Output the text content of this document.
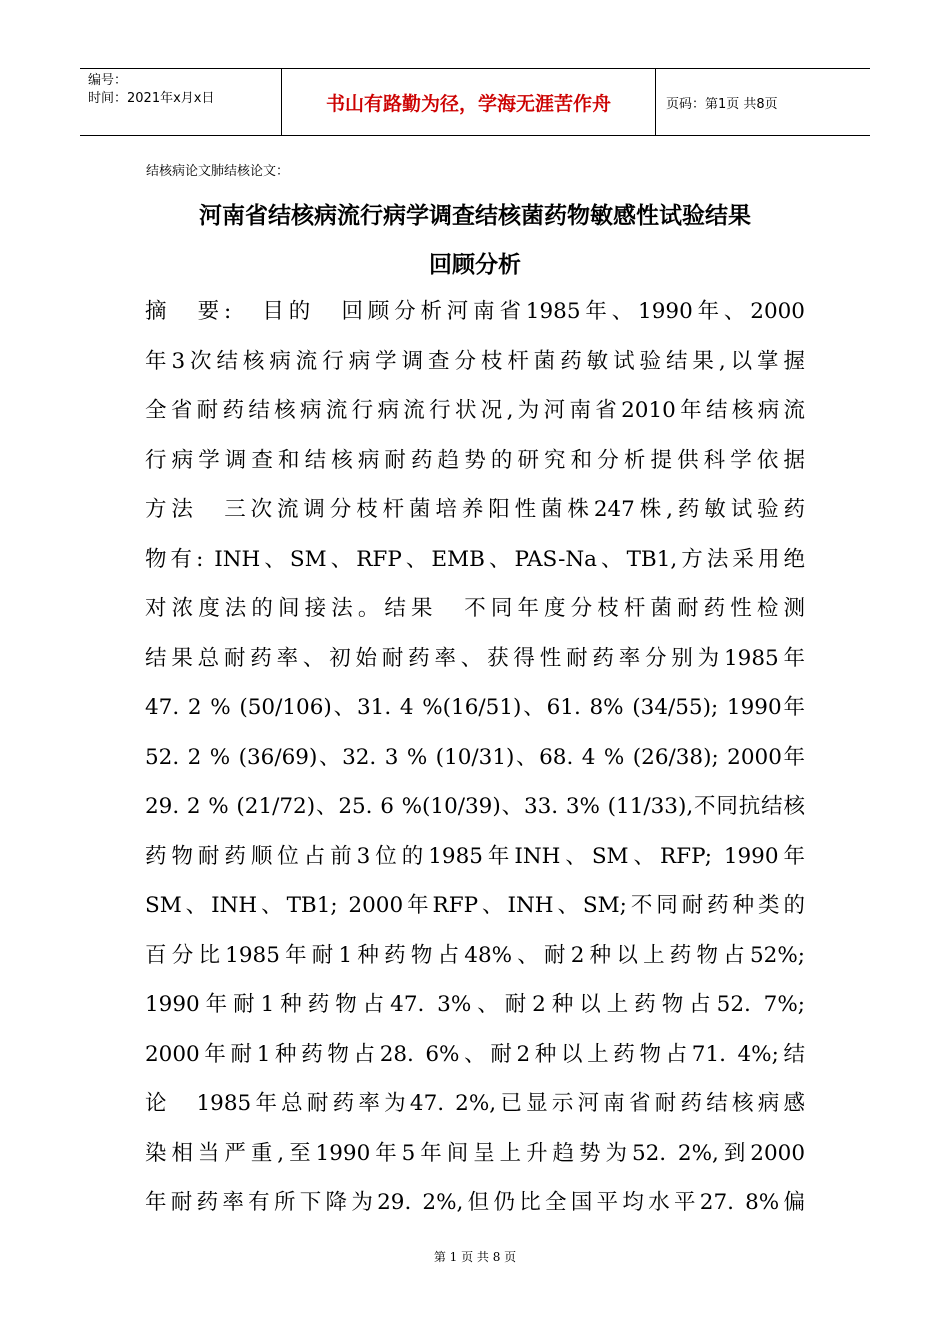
编号：
时间：2021年x月x日	书山有路勤为径，学海无涯苦作舟	页码：第1页 共8页
结核病论文肺结核论文：
河南省结核病流行病学调查结核菌药物敏感性试验结果
回顾分析
摘　要:　目的　回顾分析河南省1985年、1990年、2000
年3次结核病流行病学调查分枝杆菌药敏试验结果,以掌握
全省耐药结核病流行病流行状况,为河南省2010年结核病流
行病学调查和结核病耐药趋势的研究和分析提供科学依据
方法　三次流调分枝杆菌培养阳性菌株247株,药敏试验药
物有: INH、SM、RFP、EMB、PAS-Na、TB1,方法采用绝
对浓度法的间接法。结果　不同年度分枝杆菌耐药性检测
结果总耐药率、初始耐药率、获得性耐药率分别为1985年
47. 2 % (50/106)、31. 4 %(16/51)、61. 8% (34/55); 1990年
52. 2 % (36/69)、32. 3 % (10/31)、68. 4 % (26/38); 2000年
29. 2 % (21/72)、25. 6 %(10/39)、33. 3% (11/33),不同抗结核
药物耐药顺位占前3位的1985年INH、SM、RFP; 1990年
SM、INH、TB1; 2000年RFP、INH、SM;不同耐药种类的
百分比1985年耐1种药物占48%、耐2种以上药物占52%;
1990年耐1种药物占47. 3%、耐2种以上药物占52. 7%;
2000年耐1种药物占28. 6%、耐2种以上药物占71. 4%;结
论　1985年总耐药率为47. 2%,已显示河南省耐药结核病感
染相当严重,至1990年5年间呈上升趋势为52. 2%,到2000
年耐药率有所下降为29. 2%,但仍比全国平均水平27. 8%偏
第 1 页 共 8 页
